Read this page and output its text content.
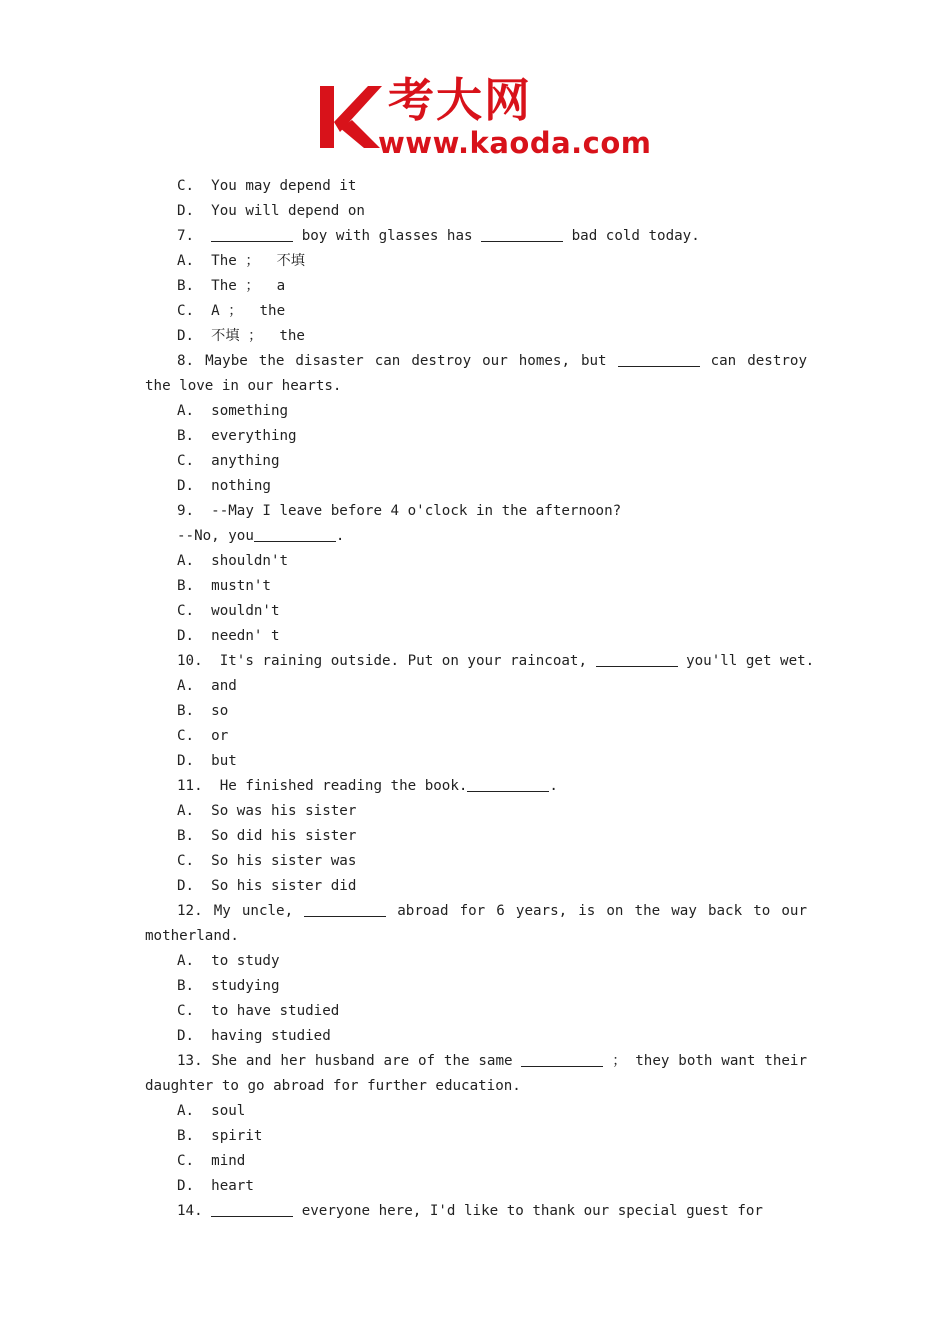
考大网
www.kaoda.com
C.  You may depend it
D.  You will depend on
7.	boy with glasses has	bad cold today.
A.  The ；  不填
B.  The ；  a
C.  A ；  the
D.  不填 ；  the
8. Maybe the disaster can destroy our homes, but	can destroy the love in our hearts.
A.  something
B.  everything
C.  anything
D.  nothing
9.  --May I leave before 4 o'clock in the afternoon?
--No, you	.
A.  shouldn't
B.  mustn't
C.  wouldn't
D.  needn' t
10.  It's raining outside. Put on your raincoat,	you'll get wet.
A.  and
B.  so
C.  or
D.  but
11.  He finished reading the book.	.
A.  So was his sister
B.  So did his sister
C.  So his sister was
D.  So his sister did
12. My uncle,	abroad for 6 years, is on the way back to our motherland.
A.  to study
B.  studying
C.  to have studied
D.  having studied
13. She and her husband are of the same	； they both want their daughter to go abroad for further education.
A.  soul
B.  spirit
C.  mind
D.  heart
14.	everyone here, I'd like to thank our special guest for
